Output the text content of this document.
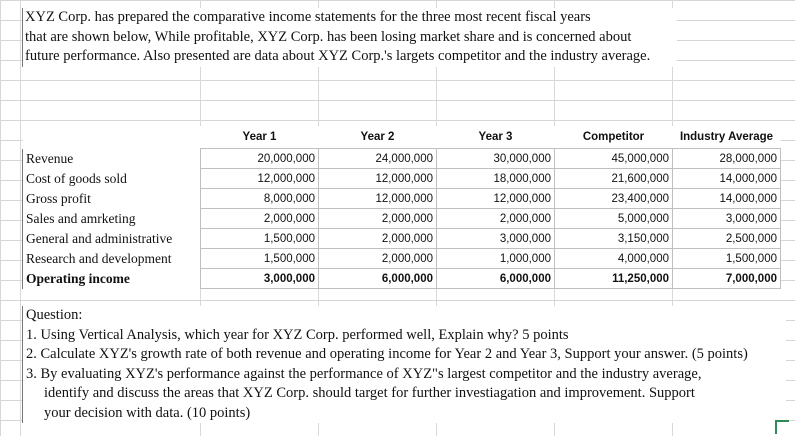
XYZ Corp. has prepared the comparative income statements for the three most recent fiscal years

that are shown below, While profitable, XYZ Corp. has been losing market share and is concerned about

future performance. Also presented are data about XYZ Corp.'s largets competitor and the industry average.

	Year 1	Year 2	Year 3	Competitor	Industry Average
Revenue	20,000,000	24,000,000	30,000,000	45,000,000	28,000,000
Cost of goods sold	12,000,000	12,000,000	18,000,000	21,600,000	14,000,000
Gross profit	8,000,000	12,000,000	12,000,000	23,400,000	14,000,000
Sales and amrketing	2,000,000	2,000,000	2,000,000	5,000,000	3,000,000
General and administrative	1,500,000	2,000,000	3,000,000	3,150,000	2,500,000
Research and development	1,500,000	2,000,000	1,000,000	4,000,000	1,500,000
Operating income	3,000,000	6,000,000	6,000,000	11,250,000	7,000,000

Question:

1. Using Vertical Analysis, which year for XYZ Corp. performed well, Explain why? 5 points

2. Calculate XYZ's growth rate of both revenue and operating income for Year 2 and Year 3, Support your answer. (5 points)

3. By evaluating XYZ's performance against the performance of XYZ"s largest competitor and the industry average,

identify and discuss the areas that XYZ Corp. should target for further investiagation and improvement. Support

your decision with data. (10 points)
